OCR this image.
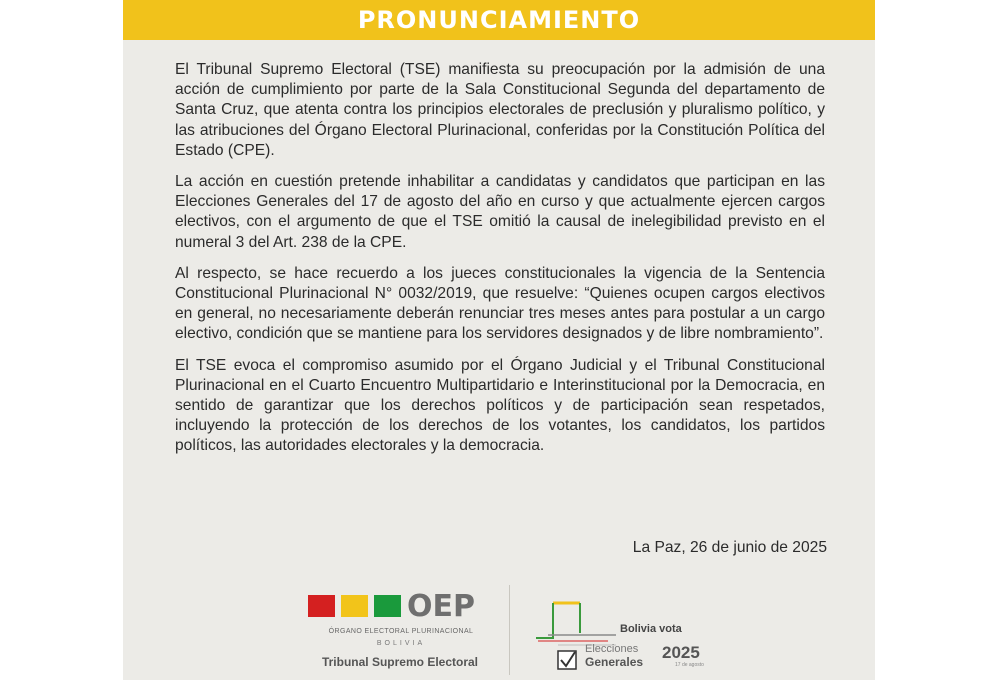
PRONUNCIAMIENTO

El Tribunal Supremo Electoral (TSE) manifiesta su preocupación por la admisión de una acción de cumplimiento por parte de la Sala Constitucional Segunda del departamento de Santa Cruz, que atenta contra los principios electorales de preclusión y pluralismo político, y las atribuciones del Órgano Electoral Plurinacional, conferidas por la Constitución Política del Estado (CPE).

La acción en cuestión pretende inhabilitar a candidatas y candidatos que participan en las Elecciones Generales del 17 de agosto del año en curso y que actualmente ejercen cargos electivos, con el argumento de que el TSE omitió la causal de inelegibilidad previsto en el numeral 3 del Art. 238 de la CPE.

Al respecto, se hace recuerdo a los jueces constitucionales la vigencia de la Sentencia Constitucional Plurinacional N° 0032/2019, que resuelve: “Quienes ocupen cargos electivos en general, no necesariamente deberán renunciar tres meses antes para postular a un cargo electivo, condición que se mantiene para los servidores designados y de libre nombramiento”.

El TSE evoca el compromiso asumido por el Órgano Judicial y el Tribunal Constitucional Plurinacional en el Cuarto Encuentro Multipartidario e Interinstitucional por la Democracia, en sentido de garantizar que los derechos políticos y de participación sean respetados, incluyendo la protección de los derechos de los votantes, los candidatos, los partidos políticos, las autoridades electorales y la democracia.

La Paz, 26 de junio de 2025
OEP
ÓRGANO ELECTORAL PLURINACIONAL
BOLIVIA
Tribunal Supremo Electoral
Bolivia vota
Elecciones
Generales 2025
17 de agosto
